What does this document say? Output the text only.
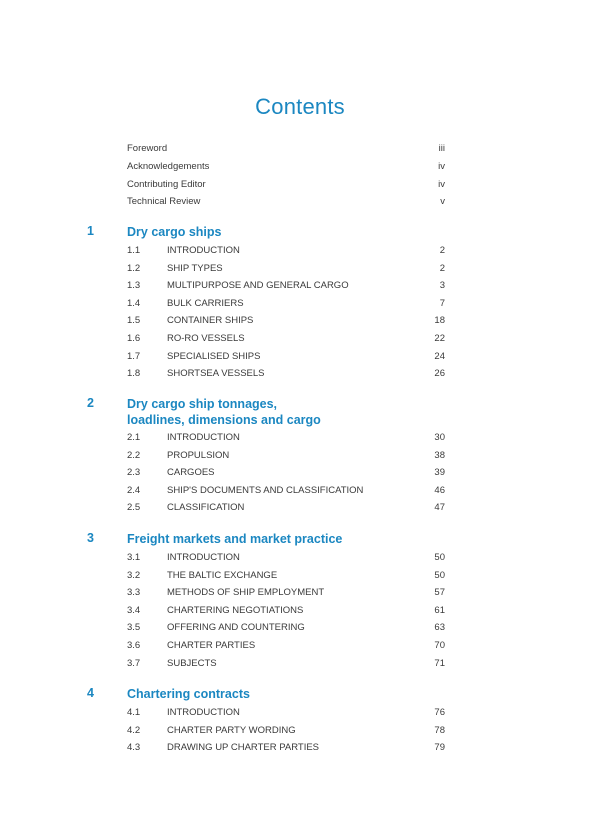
Contents
Foreword	iii
Acknowledgements	iv
Contributing Editor	iv
Technical Review	v
1	Dry cargo ships
1.1	INTRODUCTION	2
1.2	SHIP TYPES	2
1.3	MULTIPURPOSE AND GENERAL CARGO	3
1.4	BULK CARRIERS	7
1.5	CONTAINER SHIPS	18
1.6	RO-RO VESSELS	22
1.7	SPECIALISED SHIPS	24
1.8	SHORTSEA VESSELS	26
2	Dry cargo ship tonnages,
loadlines, dimensions and cargo
2.1	INTRODUCTION	30
2.2	PROPULSION	38
2.3	CARGOES	39
2.4	SHIP'S DOCUMENTS AND CLASSIFICATION	46
2.5	CLASSIFICATION	47
3	Freight markets and market practice
3.1	INTRODUCTION	50
3.2	THE BALTIC EXCHANGE	50
3.3	METHODS OF SHIP EMPLOYMENT	57
3.4	CHARTERING NEGOTIATIONS	61
3.5	OFFERING AND COUNTERING	63
3.6	CHARTER PARTIES	70
3.7	SUBJECTS	71
4	Chartering contracts
4.1	INTRODUCTION	76
4.2	CHARTER PARTY WORDING	78
4.3	DRAWING UP CHARTER PARTIES	79
